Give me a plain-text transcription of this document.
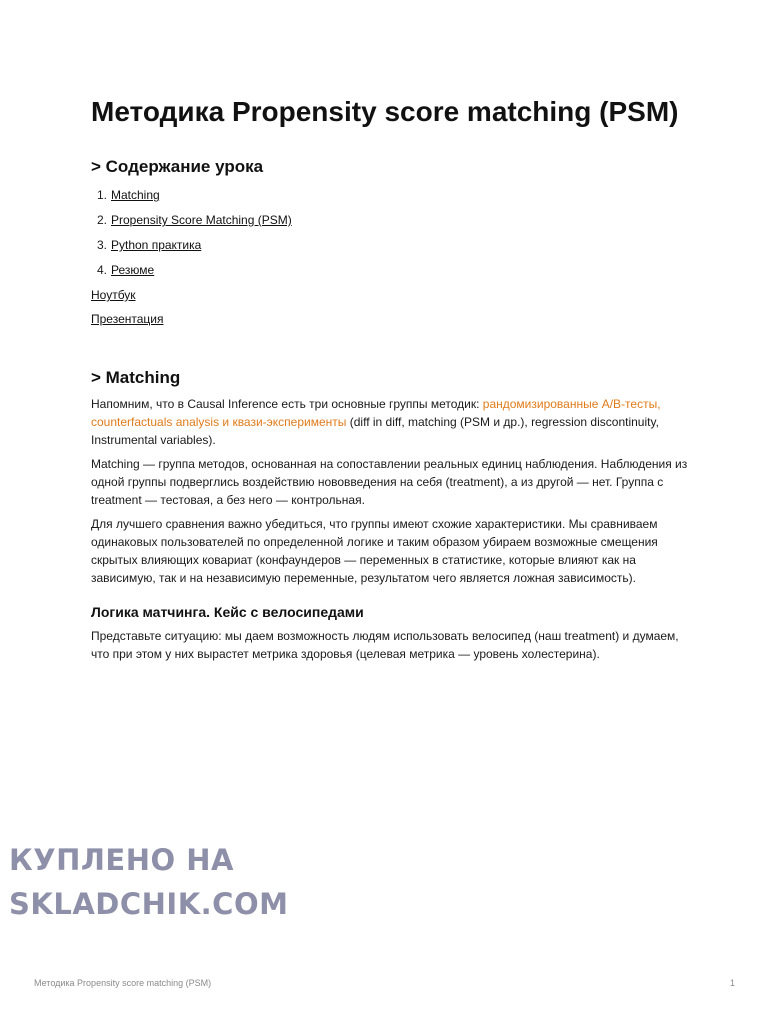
Методика Propensity score matching (PSM)
> Содержание урока
1. Matching
2. Propensity Score Matching (PSM)
3. Python практика
4. Резюме
Ноутбук
Презентация
> Matching

Напомним, что в Causal Inference есть три основные группы методик: рандомизированные А/B-тесты, counterfactuals analysis и квази-эксперименты (diff in diff, matching (PSM и др.), regression discontinuity, Instrumental variables).

Matching — группа методов, основанная на сопоставлении реальных единиц наблюдения. Наблюдения из одной группы подверглись воздействию нововведения на себя (treatment), а из другой — нет. Группа с treatment — тестовая, а без него — контрольная.

Для лучшего сравнения важно убедиться, что группы имеют схожие характеристики. Мы сравниваем одинаковых пользователей по определенной логике и таким образом убираем возможные смещения скрытых влияющих ковариат (конфаундеров — переменных в статистике, которые влияют как на зависимую, так и на независимую переменные, результатом чего является ложная зависимость).

Логика матчинга. Кейс с велосипедами

Представьте ситуацию: мы даем возможность людям использовать велосипед (наш treatment) и думаем, что при этом у них вырастет метрика здоровья (целевая метрика — уровень холестерина).

КУПЛЕНО НА
SKLADCHIK.COM
Методика Propensity score matching (PSM)	1
